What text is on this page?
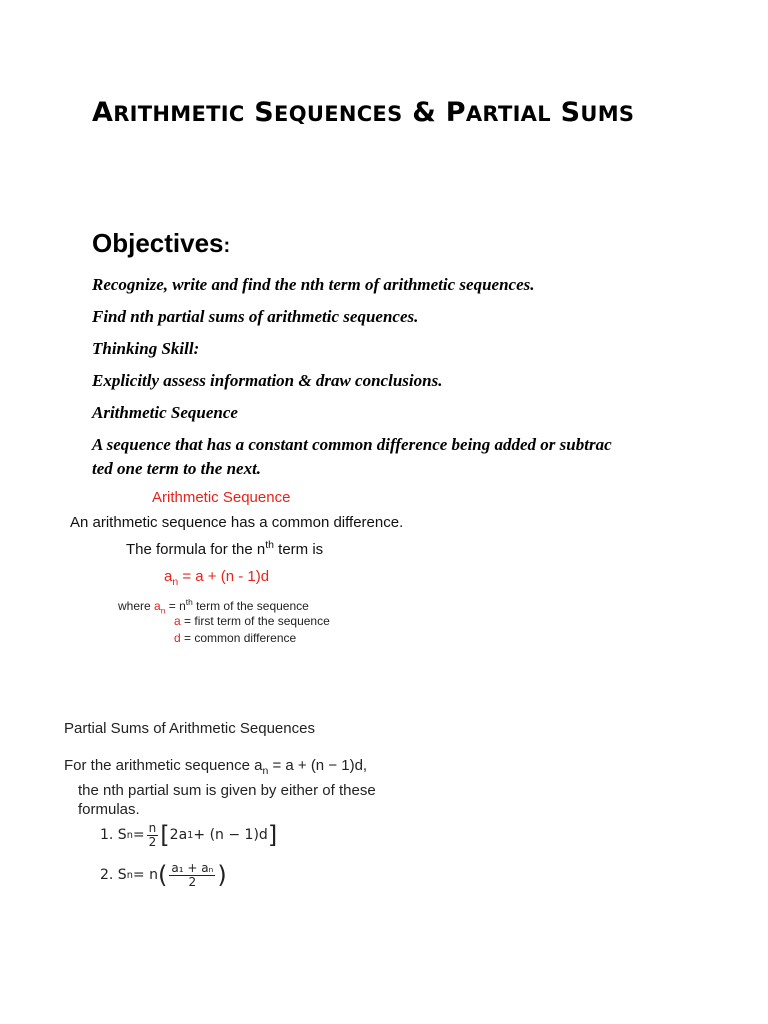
ARITHMETIC SEQUENCES & PARTIAL SUMS
Objectives:

Recognize, write and find the nth term of arithmetic sequences.

Find nth partial sums of arithmetic sequences.

Thinking Skill:

Explicitly assess information & draw conclusions.

Arithmetic Sequence

A sequence that has a constant common difference being added or subtrac
ted one term to the next.

Arithmetic Sequence
An arithmetic sequence has a common difference.
The formula for the $n^{th}$ term is
$a_n = a + (n - 1)d$
where $a_n = n^{th}$ term of the sequence
a = first term of the sequence
d = common difference
Partial Sums of Arithmetic Sequences
For the arithmetic sequence $a_n = a + (n - 1)d$,
the nth partial sum is given by either of these
formulas.
1. S $n = \frac{n}{2}$ [ 2a 1 + (n − 1)d ]
2. S n = n ( $\frac{\text{a₁ + aₙ}}{2}$ )
